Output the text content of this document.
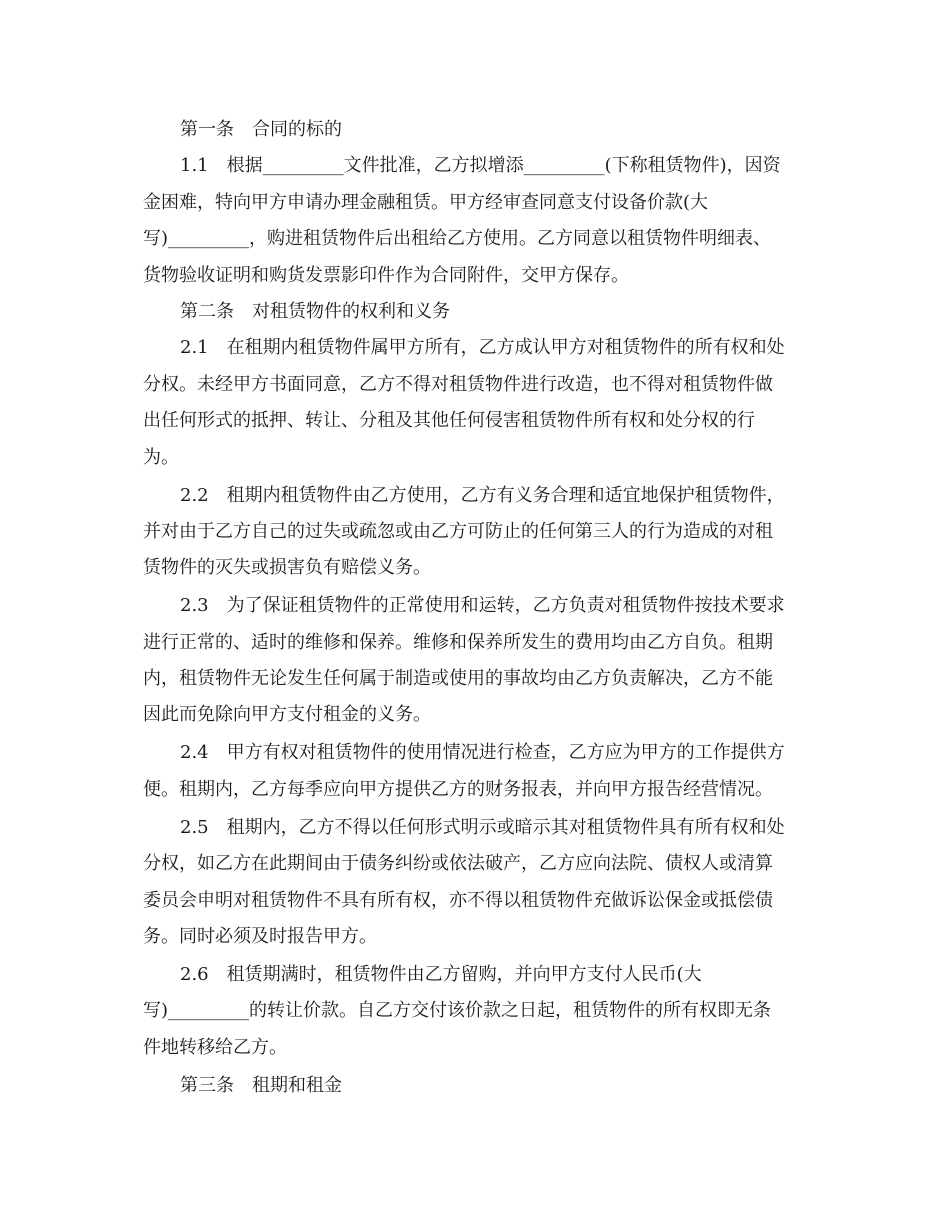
第一条　合同的标的
1.1　根据_________文件批准，乙方拟增添_________(下称租赁物件)，因资
金困难，特向甲方申请办理金融租赁。甲方经审查同意支付设备价款(大
写)_________，购进租赁物件后出租给乙方使用。乙方同意以租赁物件明细表、
货物验收证明和购货发票影印件作为合同附件，交甲方保存。
第二条　对租赁物件的权利和义务
2.1　在租期内租赁物件属甲方所有，乙方成认甲方对租赁物件的所有权和处
分权。未经甲方书面同意，乙方不得对租赁物件进行改造，也不得对租赁物件做
出任何形式的抵押、转让、分租及其他任何侵害租赁物件所有权和处分权的行
为。
2.2　租期内租赁物件由乙方使用，乙方有义务合理和适宜地保护租赁物件，
并对由于乙方自己的过失或疏忽或由乙方可防止的任何第三人的行为造成的对租
赁物件的灭失或损害负有赔偿义务。
2.3　为了保证租赁物件的正常使用和运转，乙方负责对租赁物件按技术要求
进行正常的、适时的维修和保养。维修和保养所发生的费用均由乙方自负。租期
内，租赁物件无论发生任何属于制造或使用的事故均由乙方负责解决，乙方不能
因此而免除向甲方支付租金的义务。
2.4　甲方有权对租赁物件的使用情况进行检查，乙方应为甲方的工作提供方
便。租期内，乙方每季应向甲方提供乙方的财务报表，并向甲方报告经营情况。
2.5　租期内，乙方不得以任何形式明示或暗示其对租赁物件具有所有权和处
分权，如乙方在此期间由于债务纠纷或依法破产，乙方应向法院、债权人或清算
委员会申明对租赁物件不具有所有权，亦不得以租赁物件充做诉讼保金或抵偿债
务。同时必须及时报告甲方。
2.6　租赁期满时，租赁物件由乙方留购，并向甲方支付人民币(大
写)_________的转让价款。自乙方交付该价款之日起，租赁物件的所有权即无条
件地转移给乙方。
第三条　租期和租金
